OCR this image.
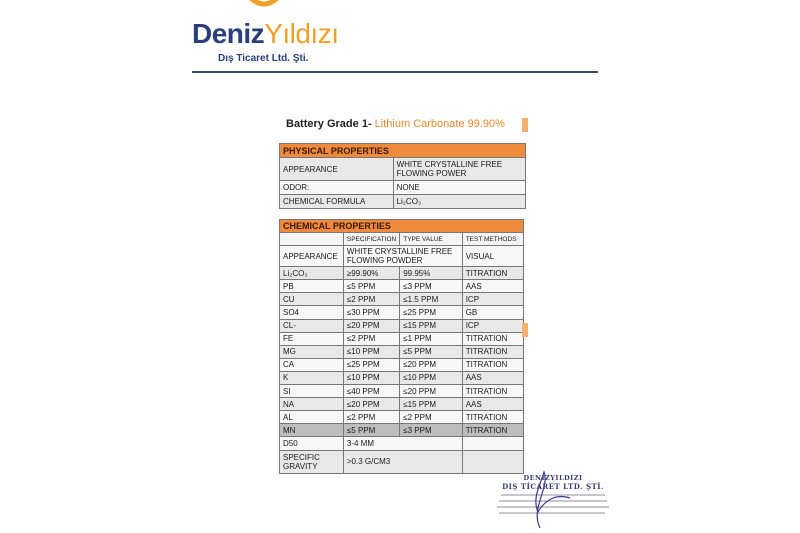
DenizYıldızı
Dış Ticaret Ltd. Şti.
Battery Grade 1- Lithium Carbonate 99.90%
PHYSICAL PROPERTIES	
APPEARANCE	WHITE CRYSTALLINE FREE FLOWING POWER
ODOR:	NONE
CHEMICAL FORMULA	Li₂CO₃
CHEMICAL PROPERTIES			
	SPECIFICATION	TYPE VALUE	TEST METHODS
APPEARANCE	WHITE CRYSTALLINE FREE FLOWING POWDER		VISUAL
Li₂CO₃	≥99.90%	99.95%	TITRATION
PB	≤5 PPM	≤3 PPM	AAS
CU	≤2 PPM	≤1.5 PPM	ICP
SO4	≤30 PPM	≤25 PPM	GB
CL-	≤20 PPM	≤15 PPM	ICP
FE	≤2 PPM	≤1 PPM	TITRATION
MG	≤10 PPM	≤5 PPM	TITRATION
CA	≤25 PPM	≤20 PPM	TITRATION
K	≤10 PPM	≤10 PPM	AAS
SI	≤40 PPM	≤20 PPM	TITRATION
NA	≤20 PPM	≤15 PPM	AAS
AL	≤2 PPM	≤2 PPM	TITRATION
MN	≤5 PPM	≤3 PPM	TITRATION
D50	3-4 MM		
SPECIFIC GRAVITY	>0.3 G/CM3		
DENIZYILDIZI
DIŞ TİCARET LTD. ŞTİ.
